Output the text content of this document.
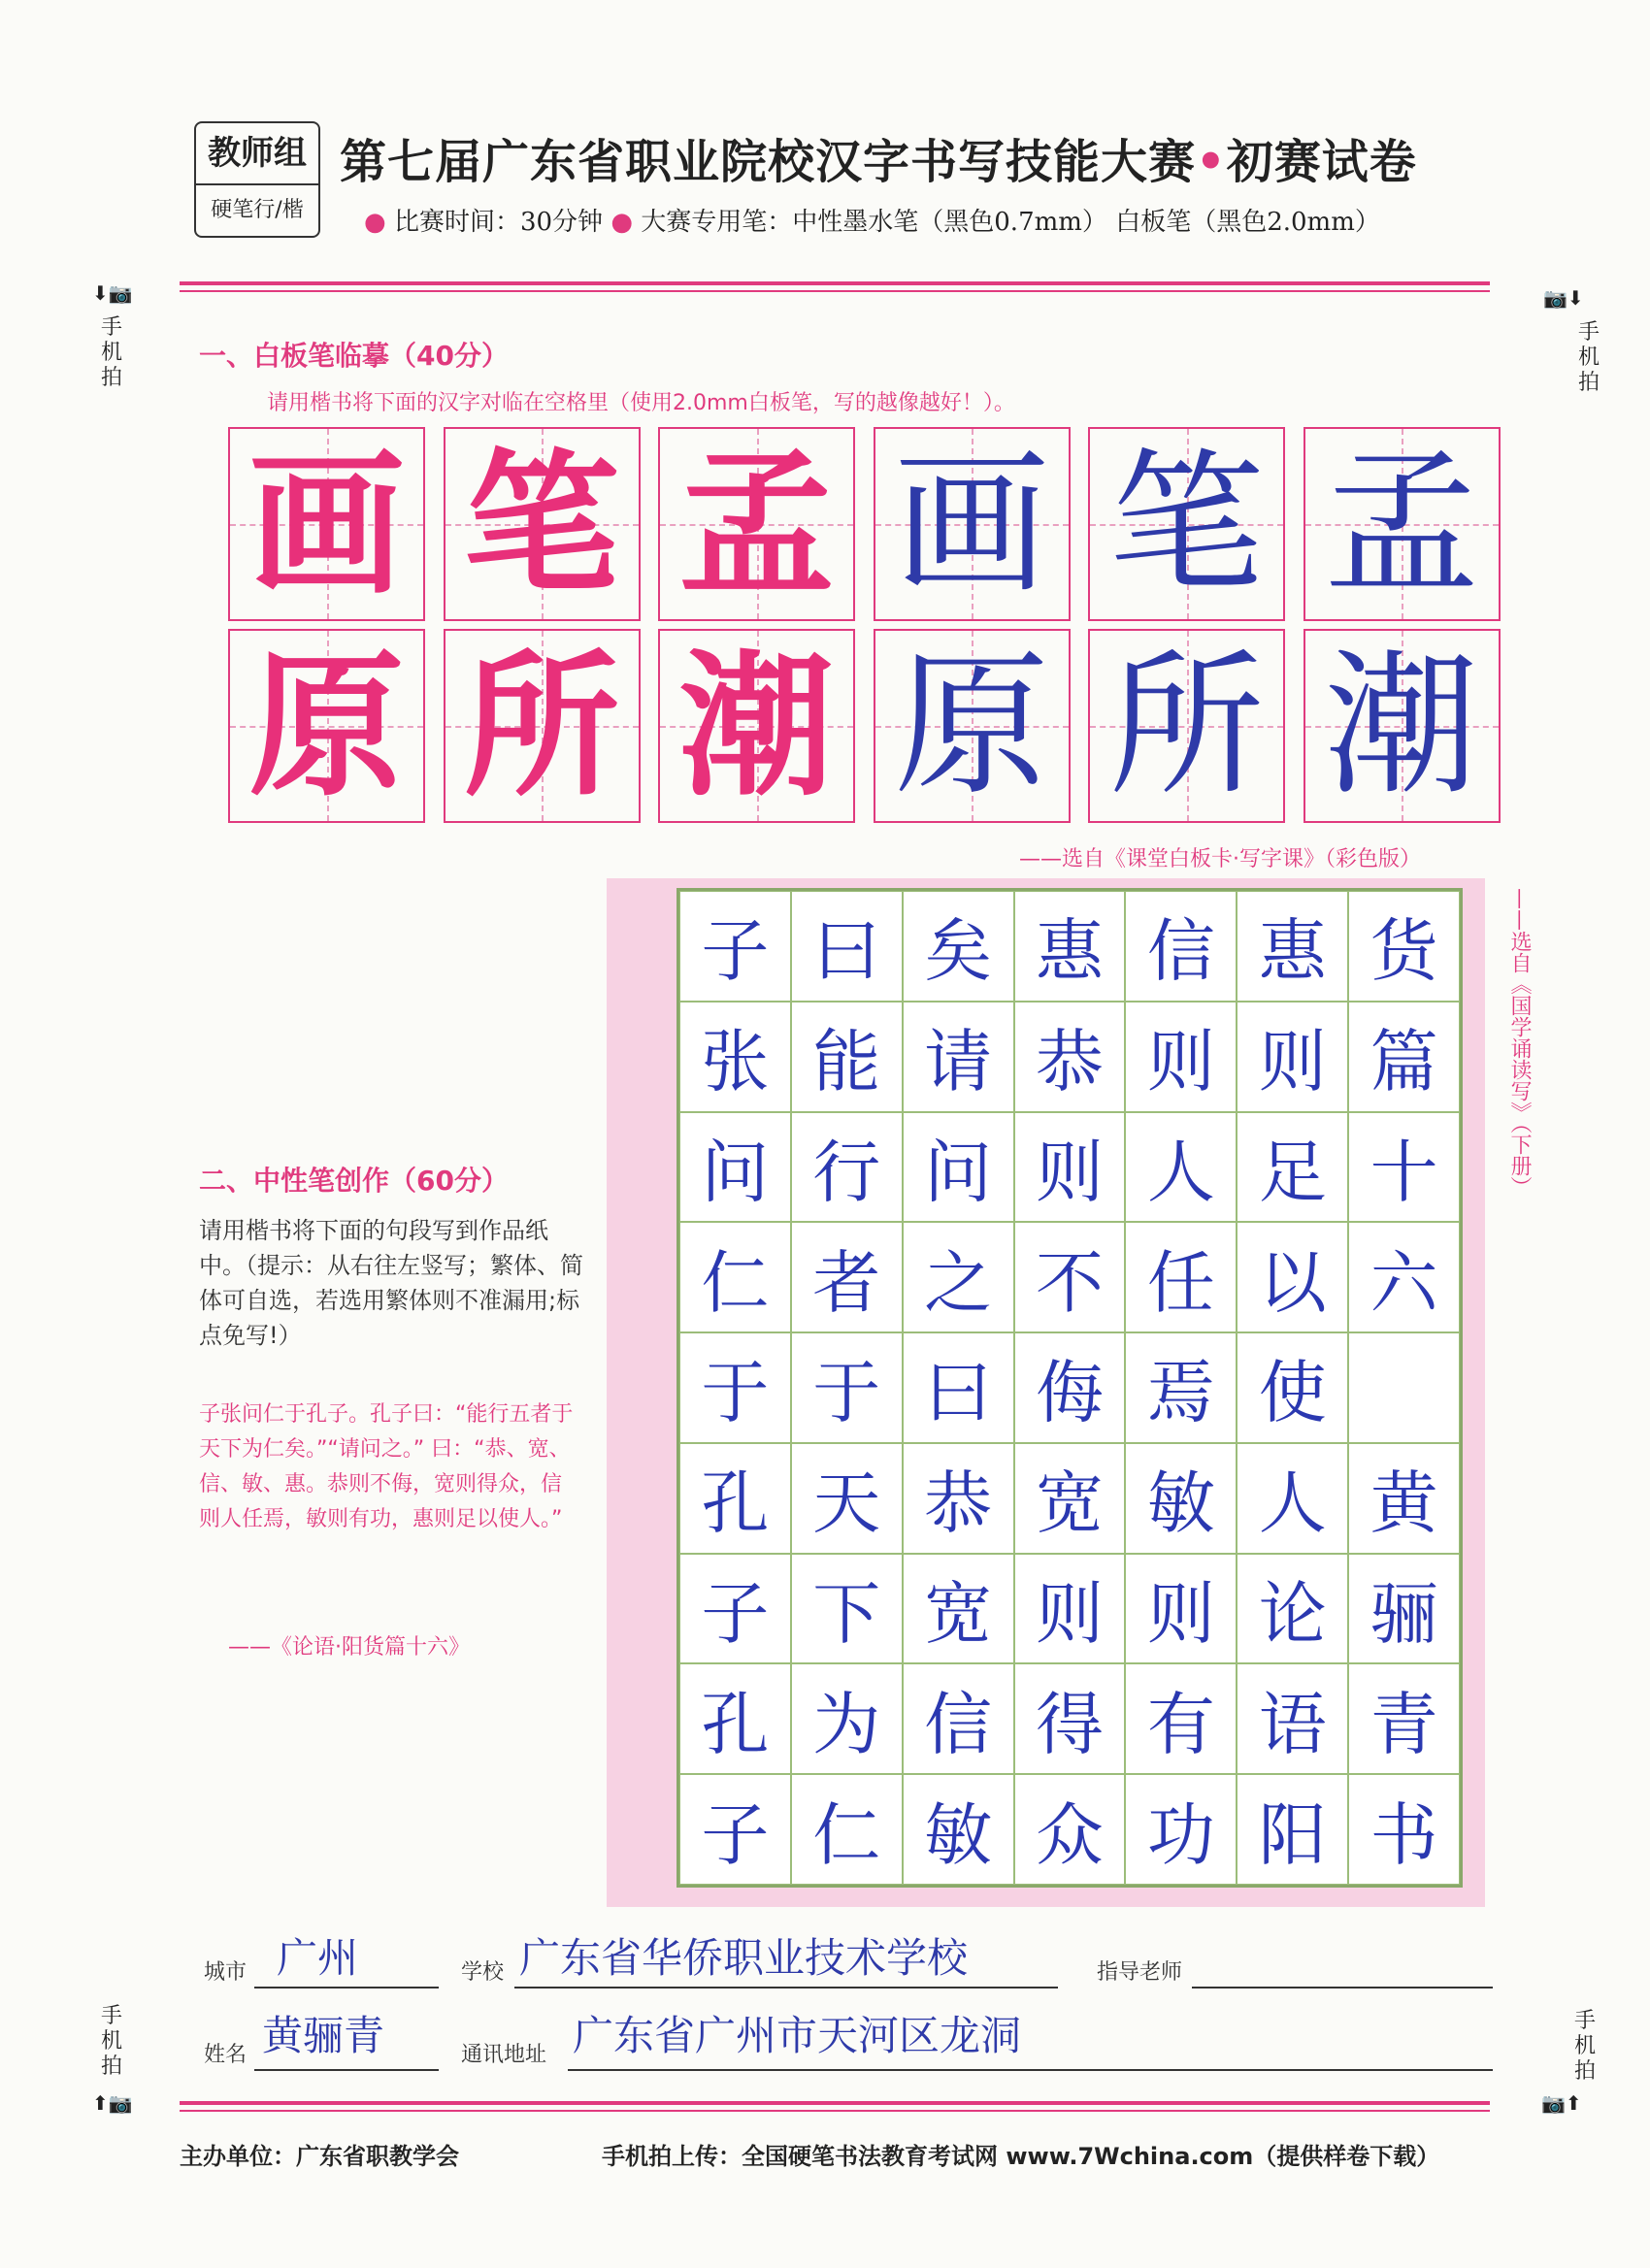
教师组
硬笔行/楷
第七届广东省职业院校汉字书写技能大赛•初赛试卷
● 比赛时间：30分钟 ● 大赛专用笔：中性墨水笔（黑色0.7mm） 白板笔（黑色2.0mm）
⬇📷
手机拍
📷⬇
手机拍
手机拍
⬆📷
手机拍
📷⬆
一、白板笔临摹（40分）
请用楷书将下面的汉字对临在空格里（使用2.0mm白板笔，写的越像越好！）。
画 笔 孟 画 笔 孟
原 所 潮 原 所 潮
——选自《课堂白板卡·写字课》（彩色版）
子 曰 矣 惠 信 惠 货
张 能 请 恭 则 则 篇
问 行 问 则 人 足 十
仁 者 之 不 任 以 六
于 于 曰 侮 焉 使
孔 天 恭 宽 敏 人 黄
子 下 宽 则 则 论 骊
孔 为 信 得 有 语 青
子 仁 敏 众 功 阳 书
——选自《国学诵读写》（下册）
二、中性笔创作（60分）
请用楷书将下面的句段写到作品纸中。（提示：从右往左竖写；繁体、简体可自选，若选用繁体则不准漏用;标点免写!）
子张问仁于孔子。孔子曰：“能行五者于天下为仁矣。”“请问之。” 曰：“恭、宽、信、敏、惠。恭则不侮，宽则得众，信则人任焉，敏则有功，惠则足以使人。”
——《论语·阳货篇十六》
城市 广州	学校 广东省华侨职业技术学校	指导老师
姓名 黄骊青	通讯地址 广东省广州市天河区龙洞
主办单位：广东省职教学会	手机拍上传：全国硬笔书法教育考试网 www.7Wchina.com（提供样卷下载）
